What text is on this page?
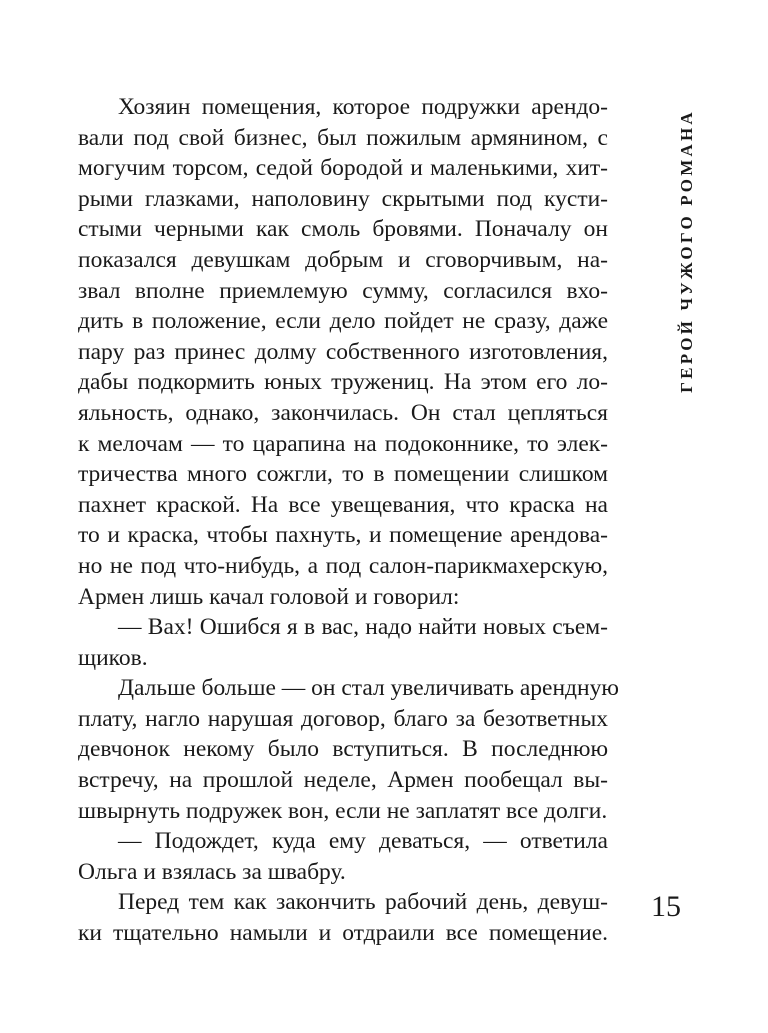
Хозяин помещения, которое подружки арендо-
вали под свой бизнес, был пожилым армянином, с
могучим торсом, седой бородой и маленькими, хит-
рыми глазками, наполовину скрытыми под кусти-
стыми черными как смоль бровями. Поначалу он
показался девушкам добрым и сговорчивым, на-
звал вполне приемлемую сумму, согласился вхо-
дить в положение, если дело пойдет не сразу, даже
пару раз принес долму собственного изготовления,
дабы подкормить юных тружениц. На этом его ло-
яльность, однако, закончилась. Он стал цепляться
к мелочам — то царапина на подоконнике, то элек-
тричества много сожгли, то в помещении слишком
пахнет краской. На все увещевания, что краска на
то и краска, чтобы пахнуть, и помещение арендова-
но не под что-нибудь, а под салон-парикмахерскую,
Армен лишь качал головой и говорил:
— Вах! Ошибся я в вас, надо найти новых съем-
щиков.
Дальше больше — он стал увеличивать арендную
плату, нагло нарушая договор, благо за безответных
девчонок некому было вступиться. В последнюю
встречу, на прошлой неделе, Армен пообещал вы-
швырнуть подружек вон, если не заплатят все долги.
— Подождет, куда ему деваться, — ответила
Ольга и взялась за швабру.
Перед тем как закончить рабочий день, девуш-
ки тщательно намыли и отдраили все помещение.
ГЕРОЙ ЧУЖОГО РОМАНА
15
